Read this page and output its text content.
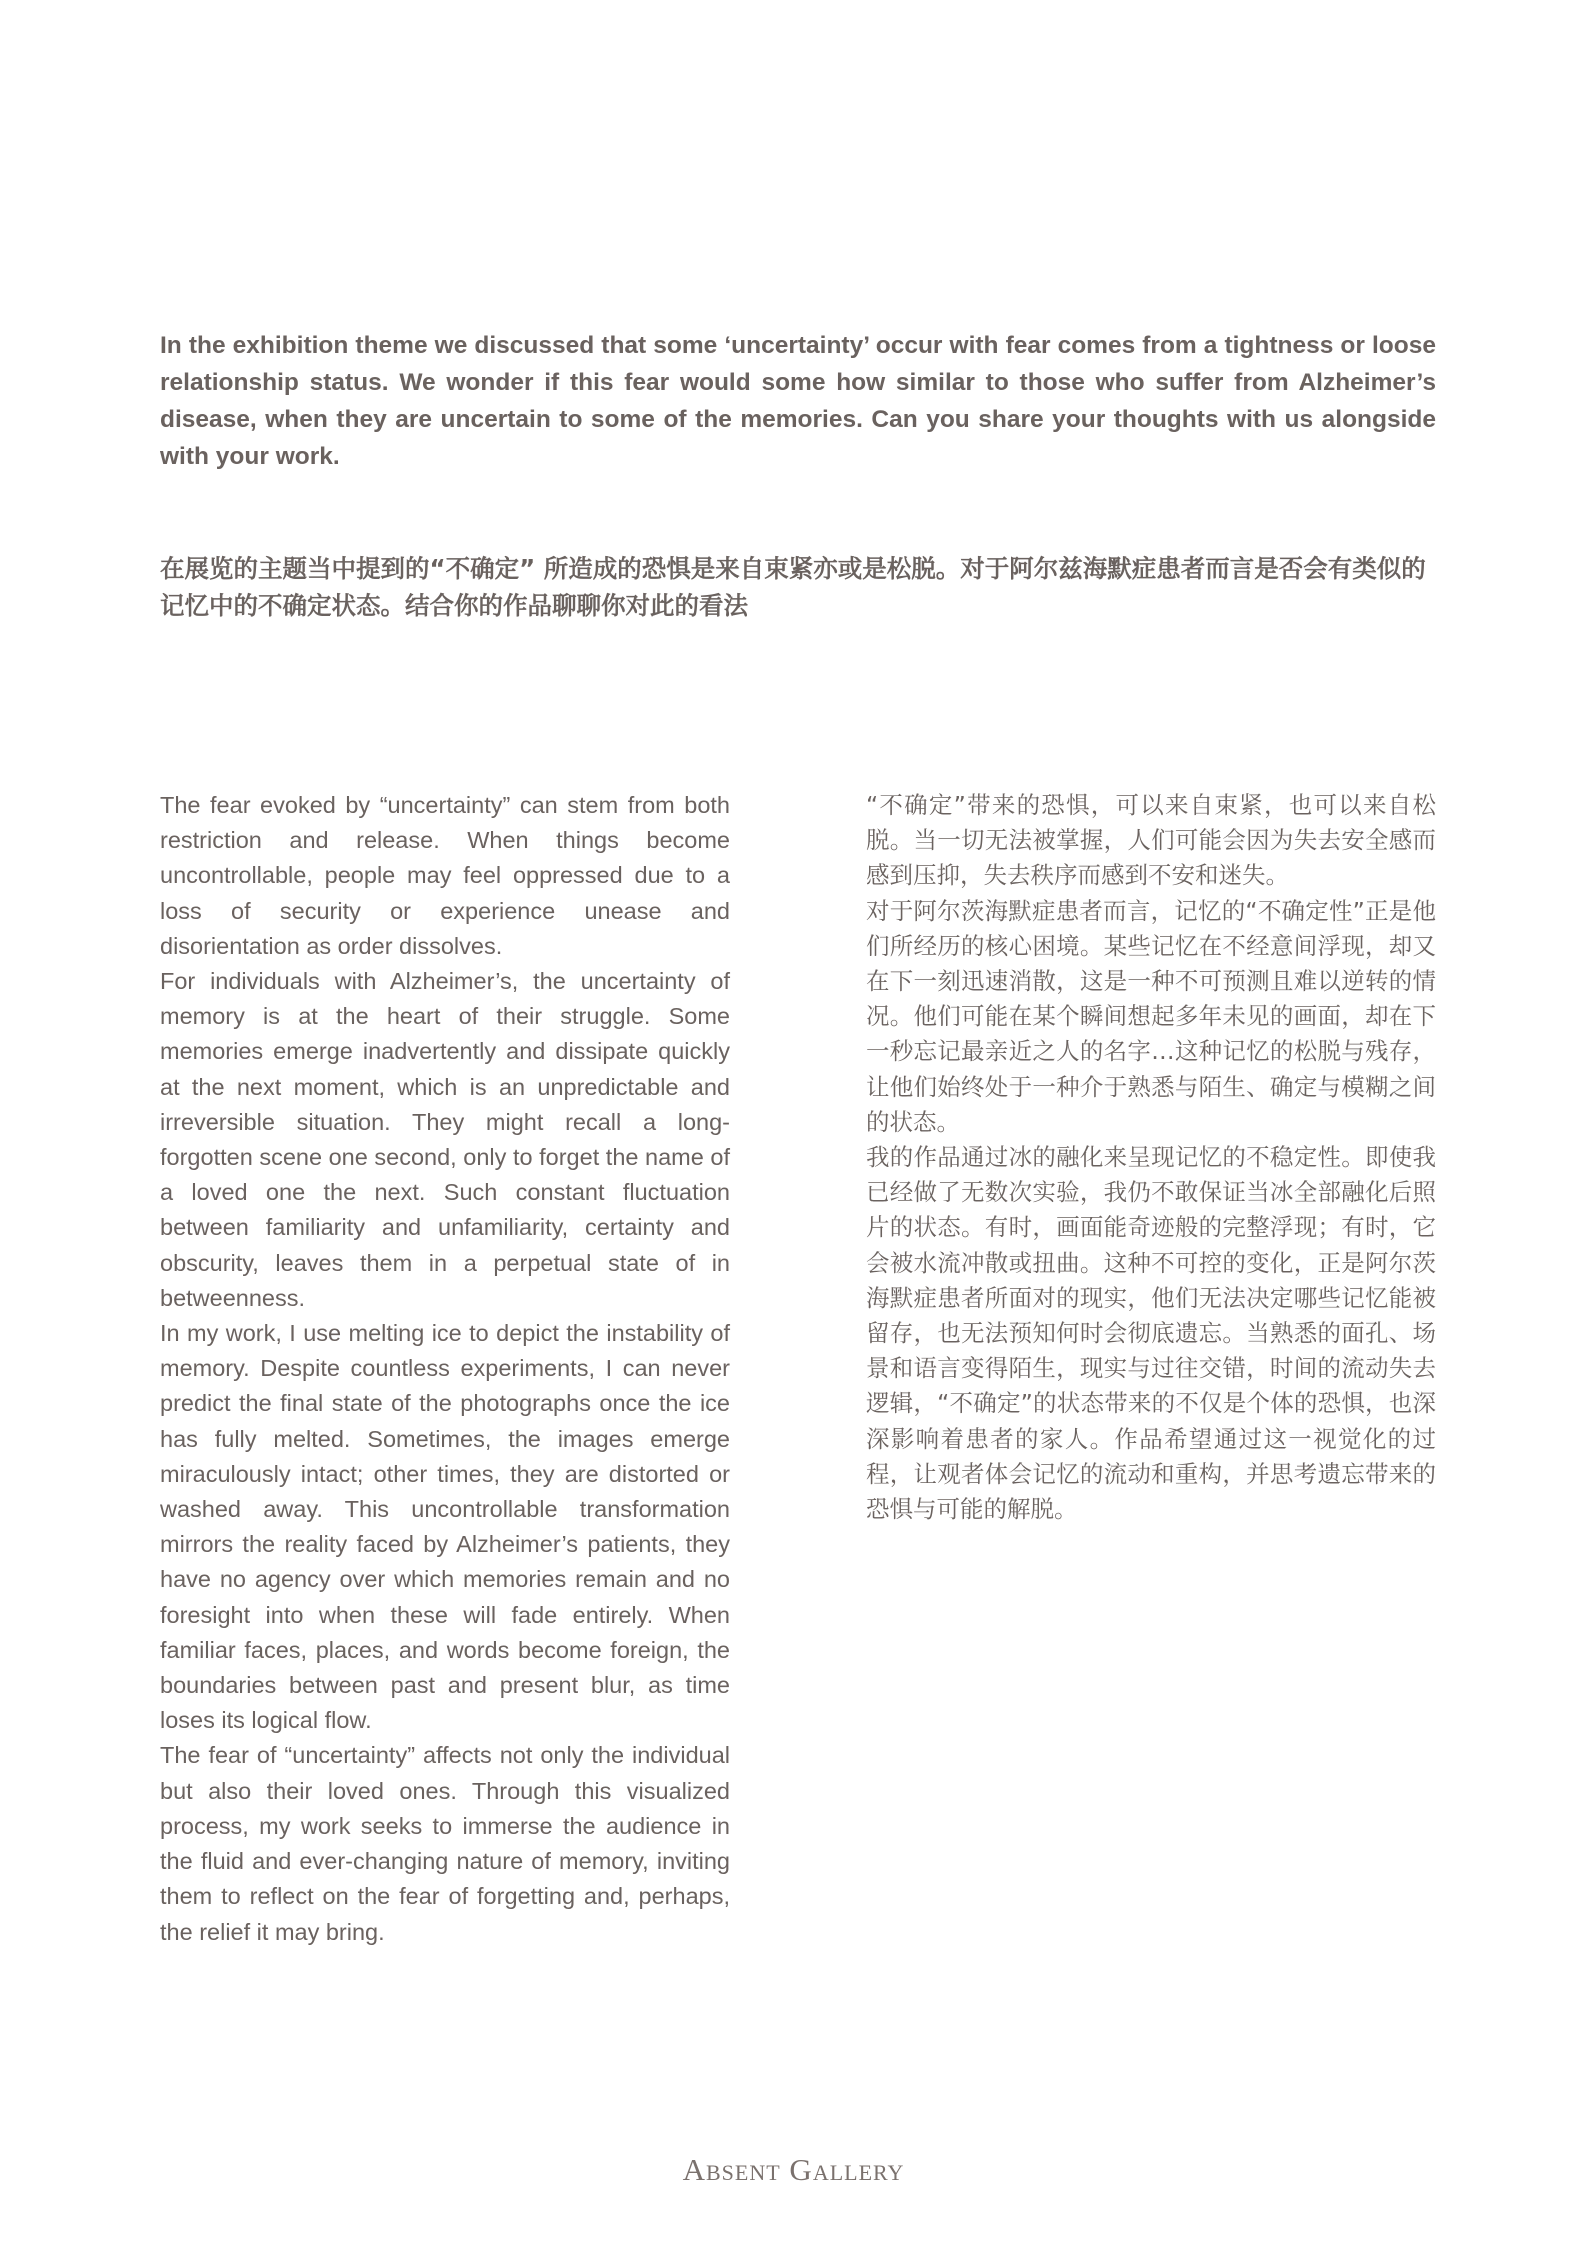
In the exhibition theme we discussed that some ‘uncertainty’ occur with fear comes from a tightness or loose relationship status. We wonder if this fear would some how similar to those who suffer from Alzheimer’s disease, when they are uncertain to some of the memories. Can you share your thoughts with us alongside with your work.

在展览的主题当中提到的“不确定” 所造成的恐惧是来自束紧亦或是松脱。对于阿尔兹海默症患者而言是否会有类似的记忆中的不确定状态。结合你的作品聊聊你对此的看法

The fear evoked by “uncertainty” can stem from both restriction and release. When things become uncontrollable, people may feel oppressed due to a loss of security or experience unease and disorientation as order dissolves.

For individuals with Alzheimer’s, the uncertainty of memory is at the heart of their struggle. Some memories emerge inadvertently and dissipate quickly at the next moment, which is an unpredictable and irreversible situation. They might recall a long-forgotten scene one second, only to forget the name of a loved one the next. Such constant fluctuation between familiarity and unfamiliarity, certainty and obscurity, leaves them in a perpetual state of in betweenness.

In my work, I use melting ice to depict the instability of memory. Despite countless experiments, I can never predict the final state of the photographs once the ice has fully melted. Sometimes, the images emerge miraculously intact; other times, they are distorted or washed away. This uncontrollable transformation mirrors the reality faced by Alzheimer’s patients, they have no agency over which memories remain and no foresight into when these will fade entirely. When familiar faces, places, and words become foreign, the boundaries between past and present blur, as time loses its logical flow.

The fear of “uncertainty” affects not only the individual but also their loved ones. Through this visualized process, my work seeks to immerse the audience in the fluid and ever-changing nature of memory, inviting them to reflect on the fear of forgetting and, perhaps, the relief it may bring.

“不确定”带来的恐惧，可以来自束紧，也可以来自松脱。当一切无法被掌握，人们可能会因为失去安全感而感到压抑，失去秩序而感到不安和迷失。

对于阿尔茨海默症患者而言，记忆的“不确定性”正是他们所经历的核心困境。某些记忆在不经意间浮现，却又在下一刻迅速消散，这是一种不可预测且难以逆转的情况。他们可能在某个瞬间想起多年未见的画面，却在下一秒忘记最亲近之人的名字…这种记忆的松脱与残存，让他们始终处于一种介于熟悉与陌生、确定与模糊之间的状态。

我的作品通过冰的融化来呈现记忆的不稳定性。即使我已经做了无数次实验，我仍不敢保证当冰全部融化后照片的状态。有时，画面能奇迹般的完整浮现；有时，它会被水流冲散或扭曲。这种不可控的变化，正是阿尔茨海默症患者所面对的现实，他们无法决定哪些记忆能被留存，也无法预知何时会彻底遗忘。当熟悉的面孔、场景和语言变得陌生，现实与过往交错，时间的流动失去逻辑，“不确定”的状态带来的不仅是个体的恐惧，也深深影响着患者的家人。作品希望通过这一视觉化的过程，让观者体会记忆的流动和重构，并思考遗忘带来的恐惧与可能的解脱。

Absent Gallery
